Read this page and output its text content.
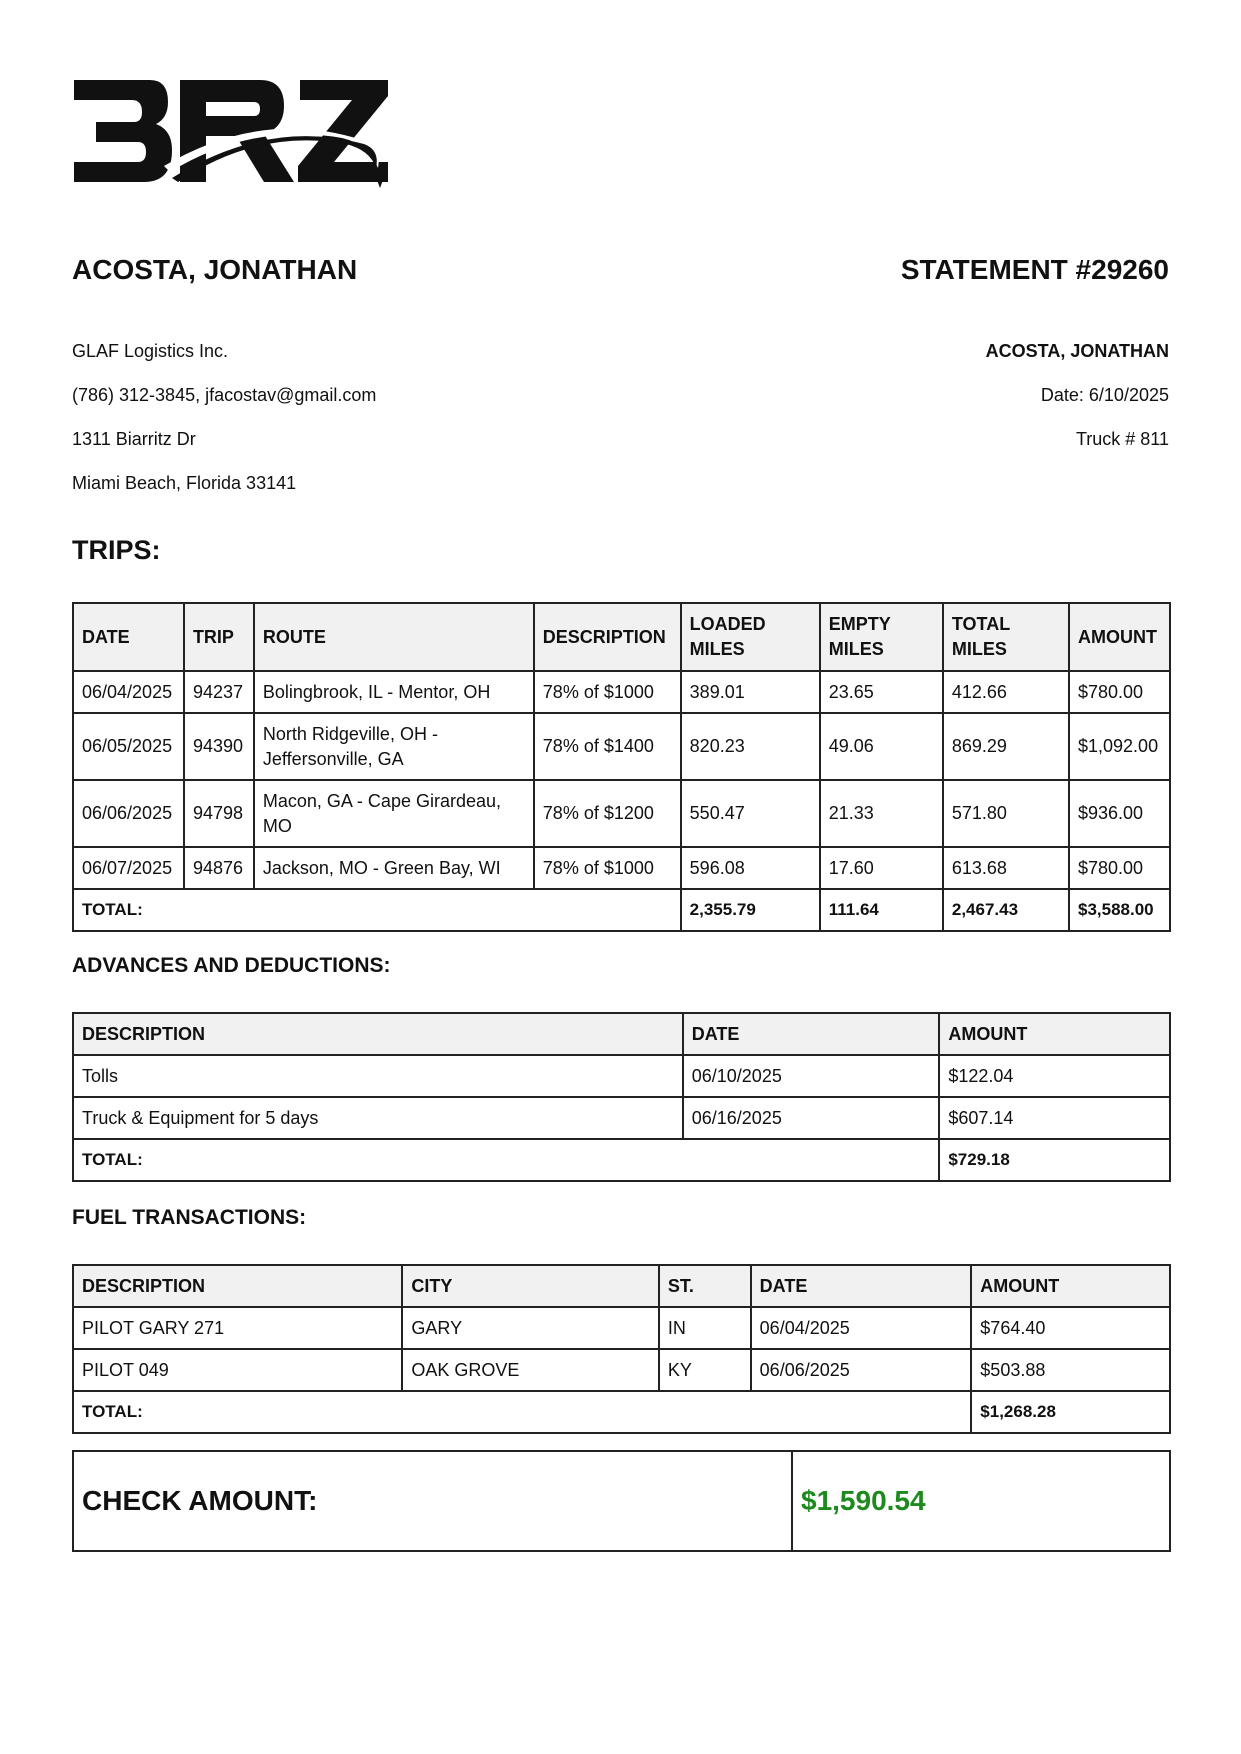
ACOSTA, JONATHAN

GLAF Logistics Inc.

(786) 312-3845, jfacostav@gmail.com

1311 Biarritz Dr

Miami Beach, Florida 33141

STATEMENT #29260

ACOSTA, JONATHAN

Date: 6/10/2025

Truck # 811

TRIPS:
DATE	TRIP	ROUTE	DESCRIPTION	LOADED MILES	EMPTY MILES	TOTAL MILES	AMOUNT
06/04/2025	94237	Bolingbrook, IL - Mentor, OH	78% of $1000	389.01	23.65	412.66	$780.00
06/05/2025	94390	North Ridgeville, OH - Jeffersonville, GA	78% of $1400	820.23	49.06	869.29	$1,092.00
06/06/2025	94798	Macon, GA - Cape Girardeau, MO	78% of $1200	550.47	21.33	571.80	$936.00
06/07/2025	94876	Jackson, MO - Green Bay, WI	78% of $1000	596.08	17.60	613.68	$780.00
TOTAL:				2,355.79	111.64	2,467.43	$3,588.00
ADVANCES AND DEDUCTIONS:
DESCRIPTION	DATE	AMOUNT
Tolls	06/10/2025	$122.04
Truck & Equipment for 5 days	06/16/2025	$607.14
TOTAL:		$729.18
FUEL TRANSACTIONS:
DESCRIPTION	CITY	ST.	DATE	AMOUNT
PILOT GARY 271	GARY	IN	06/04/2025	$764.40
PILOT 049	OAK GROVE	KY	06/06/2025	$503.88
TOTAL:				$1,268.28
CHECK AMOUNT:	$1,590.54
